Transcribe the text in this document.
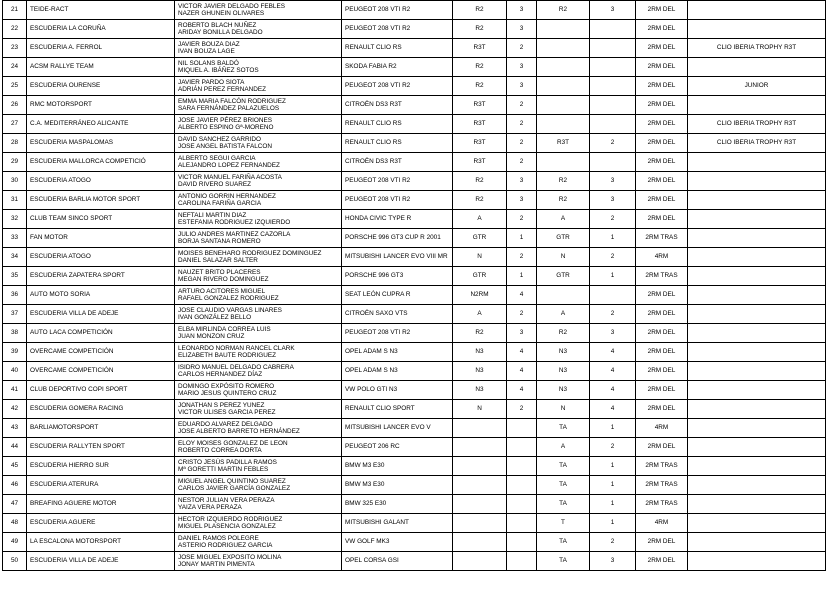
21	TEIDE-RACT	VICTOR JAVIER DELGADO FEBLES
NAZER GHUNEIN OLIVARES	PEUGEOT 208 VTI R2	R2	3	R2	3	2RM DEL	
22	ESCUDERIA LA CORUÑA	ROBERTO BLACH NUÑEZ
ARIDAY BONILLA DELGADO	PEUGEOT 208 VTI R2	R2	3			2RM DEL	
23	ESCUDERIA A. FERROL	JAVIER BOUZA DIAZ
IVAN BOUZA LAGE	RENAULT CLIO RS	R3T	2			2RM DEL	CLIO IBERIA TROPHY R3T
24	ACSM RALLYE TEAM	NIL SOLANS BALDÓ
MIQUEL A. IBÁÑEZ SOTOS	SKODA FABIA R2	R2	3			2RM DEL	
25	ESCUDERIA OURENSE	JAVIER PARDO SIOTA
ADRIÁN PEREZ FERNANDEZ	PEUGEOT 208 VTI R2	R2	3			2RM DEL	JUNIOR
26	RMC MOTORSPORT	EMMA MARIA FALCÓN RODRIGUEZ
SARA FERNÁNDEZ PALAZUELOS	CITROËN DS3 R3T	R3T	2			2RM DEL	
27	C.A. MEDITERRÁNEO ALICANTE	JOSE JAVIER PÉREZ BRIONES
ALBERTO ESPINO Gª-MORENO	RENAULT CLIO RS	R3T	2			2RM DEL	CLIO IBERIA TROPHY R3T
28	ESCUDERIA MASPALOMAS	DAVID SANCHEZ GARRIDO
JOSE ANGEL BATISTA FALCON	RENAULT CLIO RS	R3T	2	R3T	2	2RM DEL	CLIO IBERIA TROPHY R3T
29	ESCUDERIA MALLORCA COMPETICIÓ	ALBERTO SEGUI GARCIA
ALEJANDRO LOPEZ FERNANDEZ	CITROËN DS3 R3T	R3T	2			2RM DEL	
30	ESCUDERIA ATOGO	VICTOR MANUEL FARIÑA ACOSTA
DAVID RIVERO SUAREZ	PEUGEOT 208 VTI R2	R2	3	R2	3	2RM DEL	
31	ESCUDERIA BARLIA MOTOR SPORT	ANTONIO GORRIN HERNANDEZ
CAROLINA FARIÑA GARCIA	PEUGEOT 208 VTI R2	R2	3	R2	3	2RM DEL	
32	CLUB TEAM SINCO SPORT	NEFTALI MARTIN DIAZ
ESTEFANIA RODRIGUEZ IZQUIERDO	HONDA CIVIC TYPE R	A	2	A	2	2RM DEL	
33	FAN MOTOR	JULIO ANDRES MARTINEZ CAZORLA
BORJA SANTANA ROMERO	PORSCHE 996 GT3 CUP R 2001	GTR	1	GTR	1	2RM TRAS	
34	ESCUDERIA ATOGO	MOISES BENEHARO RODRIGUEZ DOMINGUEZ
DANIEL SALAZAR SALTER	MITSUBISHI LANCER EVO VIII MR	N	2	N	2	4RM	
35	ESCUDERIA ZAPATERA SPORT	NAUZET BRITO PLACERES
MEGAN RIVERO DOMINGUEZ	PORSCHE 996 GT3	GTR	1	GTR	1	2RM TRAS	
36	AUTO MOTO SORIA	ARTURO ACITORES MIGUEL
RAFAEL GONZALEZ RODRIGUEZ	SEAT LEÓN CUPRA R	N2RM	4			2RM DEL	
37	ESCUDERIA VILLA DE ADEJE	JOSE CLAUDIO VARGAS LINARES
IVAN GONZÁLEZ BELLO	CITROËN SAXO VTS	A	2	A	2	2RM DEL	
38	AUTO LACA COMPETICIÓN	ELBA MIRLINDA CORREA LUIS
JUAN MONZON CRUZ	PEUGEOT 208 VTI R2	R2	3	R2	3	2RM DEL	
39	OVERCAME COMPETICIÓN	LEONARDO NORMAN RANCEL CLARK
ELIZABETH BAUTE RODRIGUEZ	OPEL ADAM S N3	N3	4	N3	4	2RM DEL	
40	OVERCAME COMPETICIÓN	ISIDRO MANUEL DELGADO CABRERA
CARLOS HERNANDEZ DÍAZ	OPEL ADAM S N3	N3	4	N3	4	2RM DEL	
41	CLUB DEPORTIVO COPI SPORT	DOMINGO EXPÓSITO ROMERO
MARIO JESUS QUINTERO CRUZ	VW POLO GTI N3	N3	4	N3	4	2RM DEL	
42	ESCUDERIA GOMERA RACING	JONATHAN S PEREZ YUNEZ
VICTOR ULISES GARCIA PEREZ	RENAULT CLIO SPORT	N	2	N	4	2RM DEL	
43	BARLIAMOTORSPORT	EDUARDO ALVAREZ DELGADO
JOSE ALBERTO BARRETO HERNÁNDEZ	MITSUBISHI LANCER EVO V			TA	1	4RM	
44	ESCUDERIA RALLYTEN SPORT	ELOY MOISES GONZALEZ DE LEON
ROBERTO CORREA DORTA	PEUGEOT 206 RC			A	2	2RM DEL	
45	ESCUDERIA HIERRO SUR	CRISTO JESÚS PADILLA RAMOS
Mª GORETTI MARTIN FEBLES	BMW M3 E30			TA	1	2RM TRAS	
46	ESCUDERIA ATERURA	MIGUEL ANGEL QUINTINO SUAREZ
CARLOS JAVIER GARCÍA GONZALEZ	BMW M3 E30			TA	1	2RM TRAS	
47	BREAFING AGUERE MOTOR	NESTOR JULIAN VERA PERAZA
YAIZA VERA PERAZA	BMW 325 E30			TA	1	2RM TRAS	
48	ESCUDERIA AGUERE	HECTOR IZQUIERDO RODRIGUEZ
MIGUEL PLASENCIA GONZALEZ	MITSUBISHI GALANT			T	1	4RM	
49	LA ESCALONA MOTORSPORT	DANIEL RAMOS POLEGRE
ASTERIO RODRIGUEZ GARCIA	VW GOLF MK3			TA	2	2RM DEL	
50	ESCUDERIA VILLA DE ADEJE	JOSE MIGUEL EXPOSITO MOLINA
JONAY MARTIN PIMENTA	OPEL CORSA GSI			TA	3	2RM DEL	
